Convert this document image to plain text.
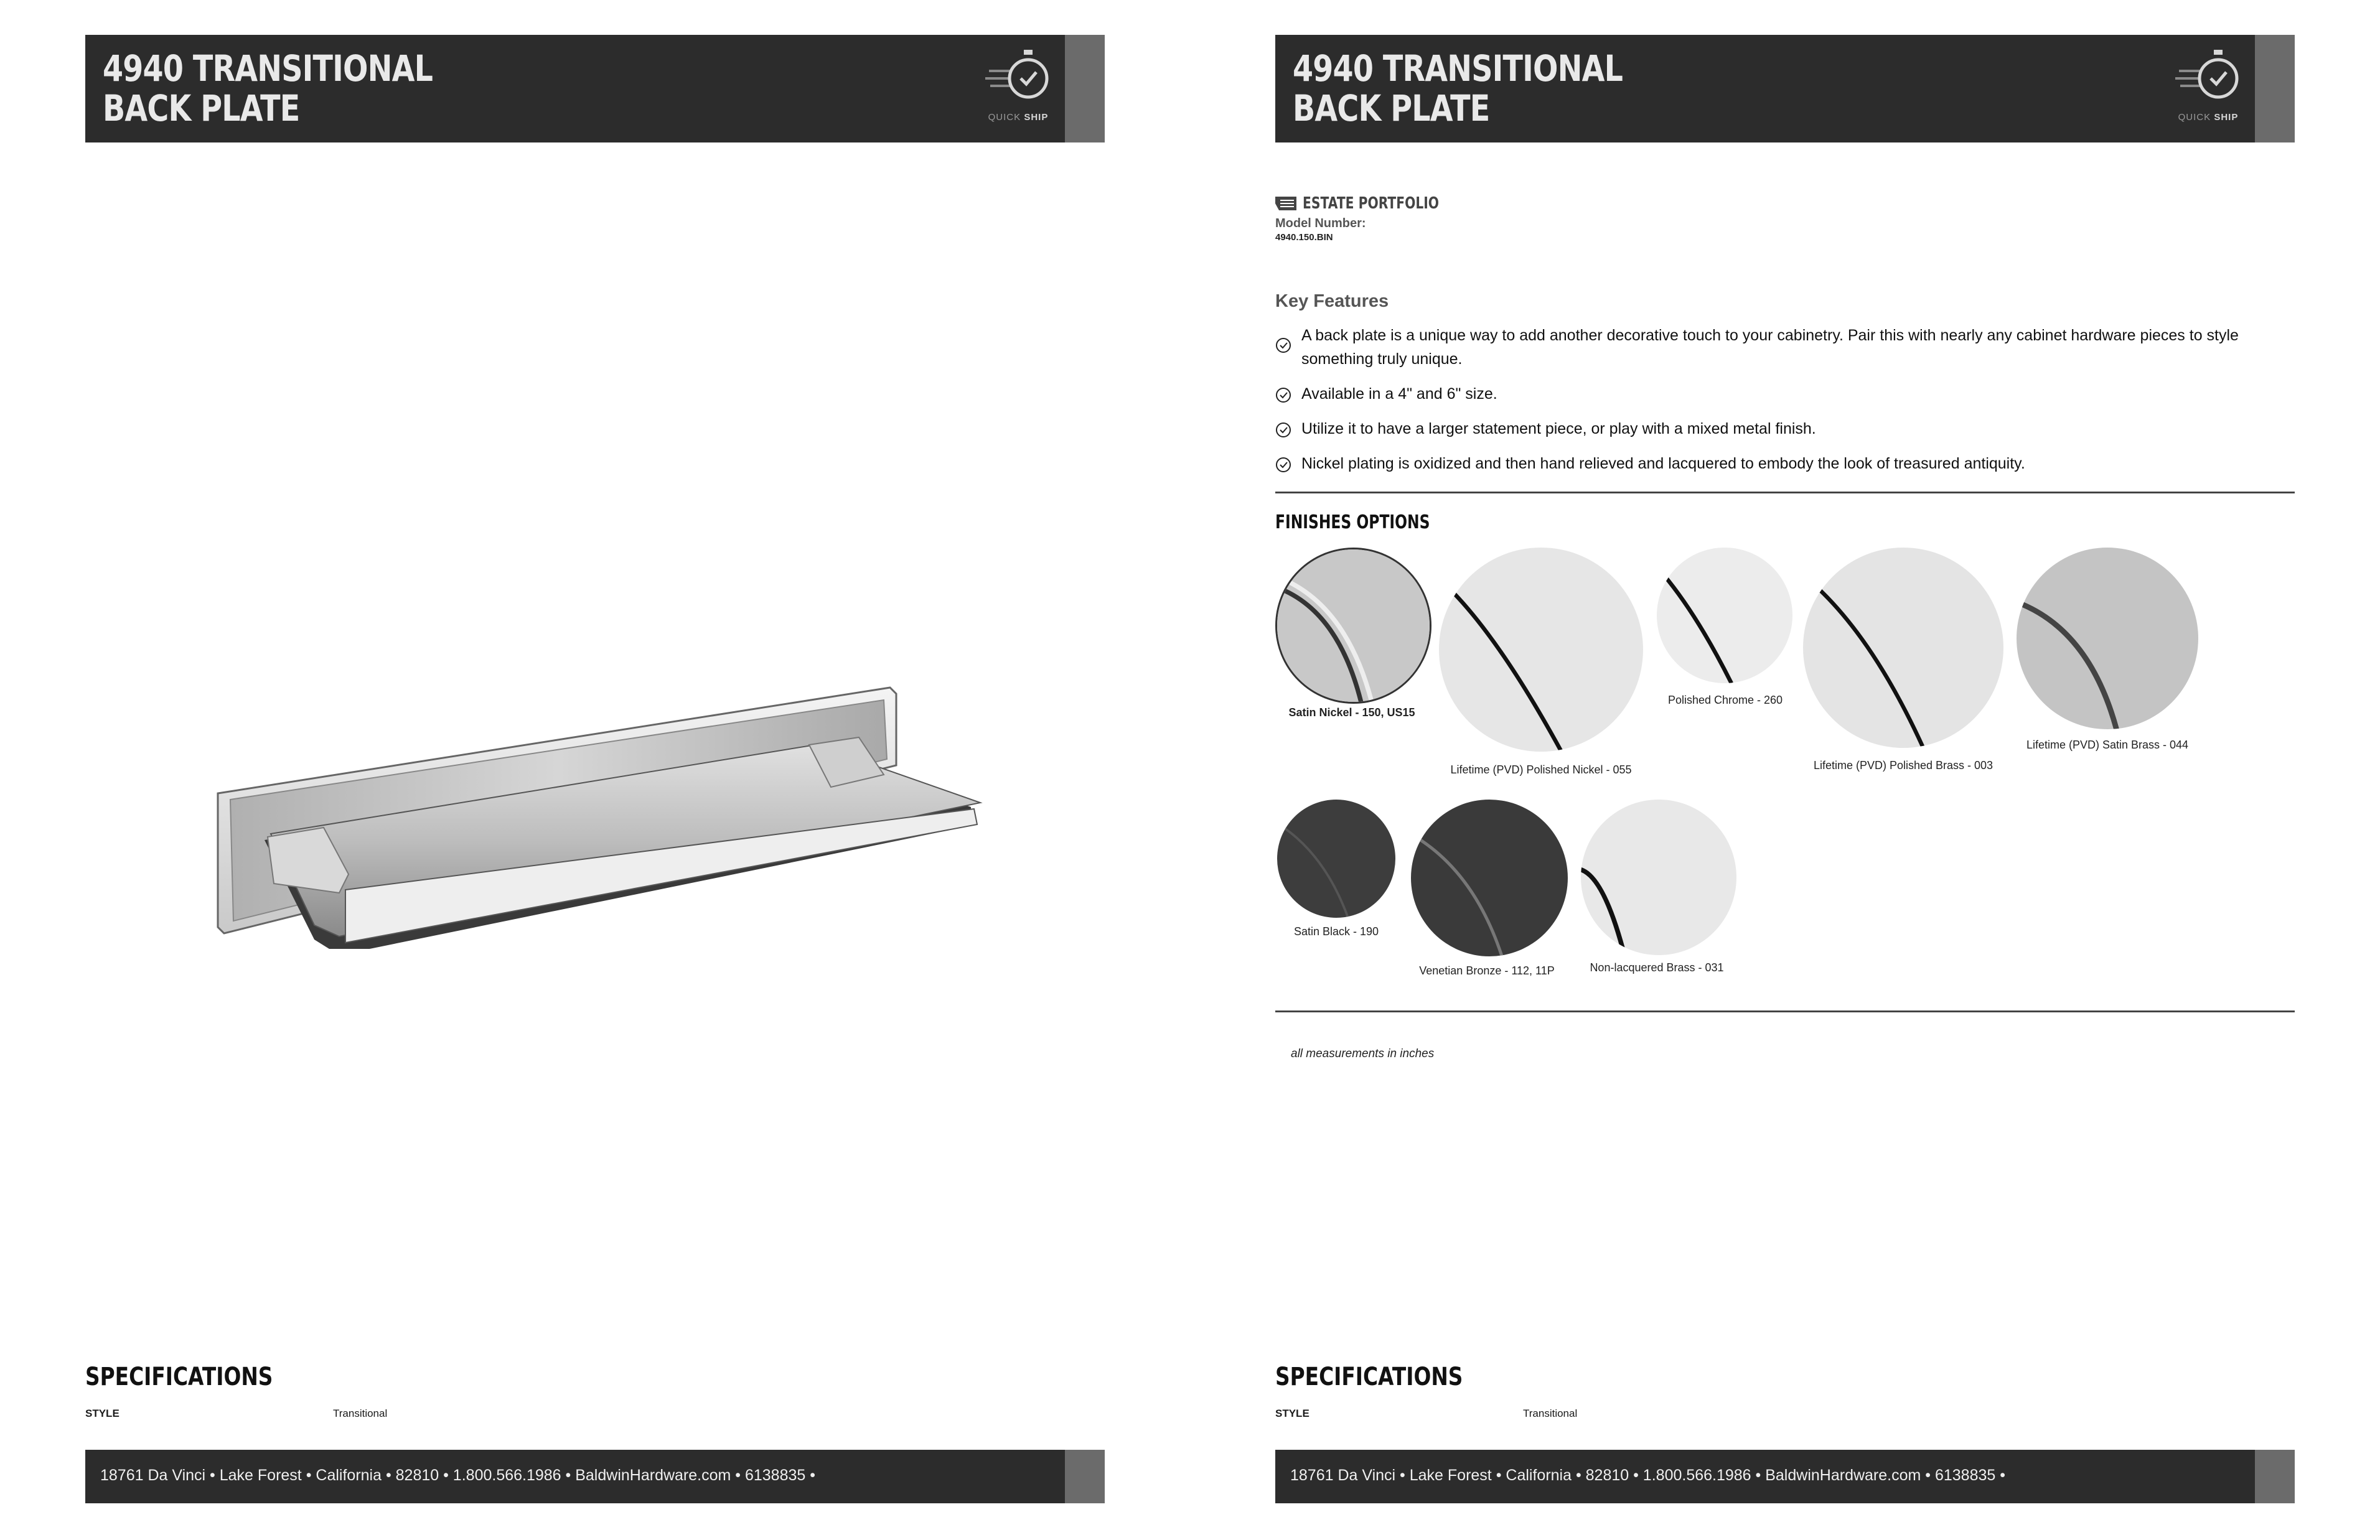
4940 TRANSITIONAL
BACK PLATE	QUICK SHIP
SPECIFICATIONS
STYLE	Transitional
18761 Da Vinci • Lake Forest • California • 82810 • 1.800.566.1986 • BaldwinHardware.com • 6138835 •
4940 TRANSITIONAL
BACK PLATE	QUICK SHIP
ESTATE PORTFOLIO
Model Number:
4940.150.BIN
Key Features
A back plate is a unique way to add another decorative touch to your cabinetry. Pair this with nearly any cabinet hardware pieces to style something truly unique.
Available in a 4" and 6" size.
Utilize it to have a larger statement piece, or play with a mixed metal finish.
Nickel plating is oxidized and then hand relieved and lacquered to embody the look of treasured antiquity.
FINISHES OPTIONS
Satin Nickel - 150, US15
Lifetime (PVD) Polished Nickel - 055
Polished Chrome - 260
Lifetime (PVD) Polished Brass - 003
Lifetime (PVD) Satin Brass - 044
Satin Black - 190
Venetian Bronze - 112, 11P	Non-lacquered Brass - 031
all measurements in inches
SPECIFICATIONS
STYLE	Transitional
18761 Da Vinci • Lake Forest • California • 82810 • 1.800.566.1986 • BaldwinHardware.com • 6138835 •
